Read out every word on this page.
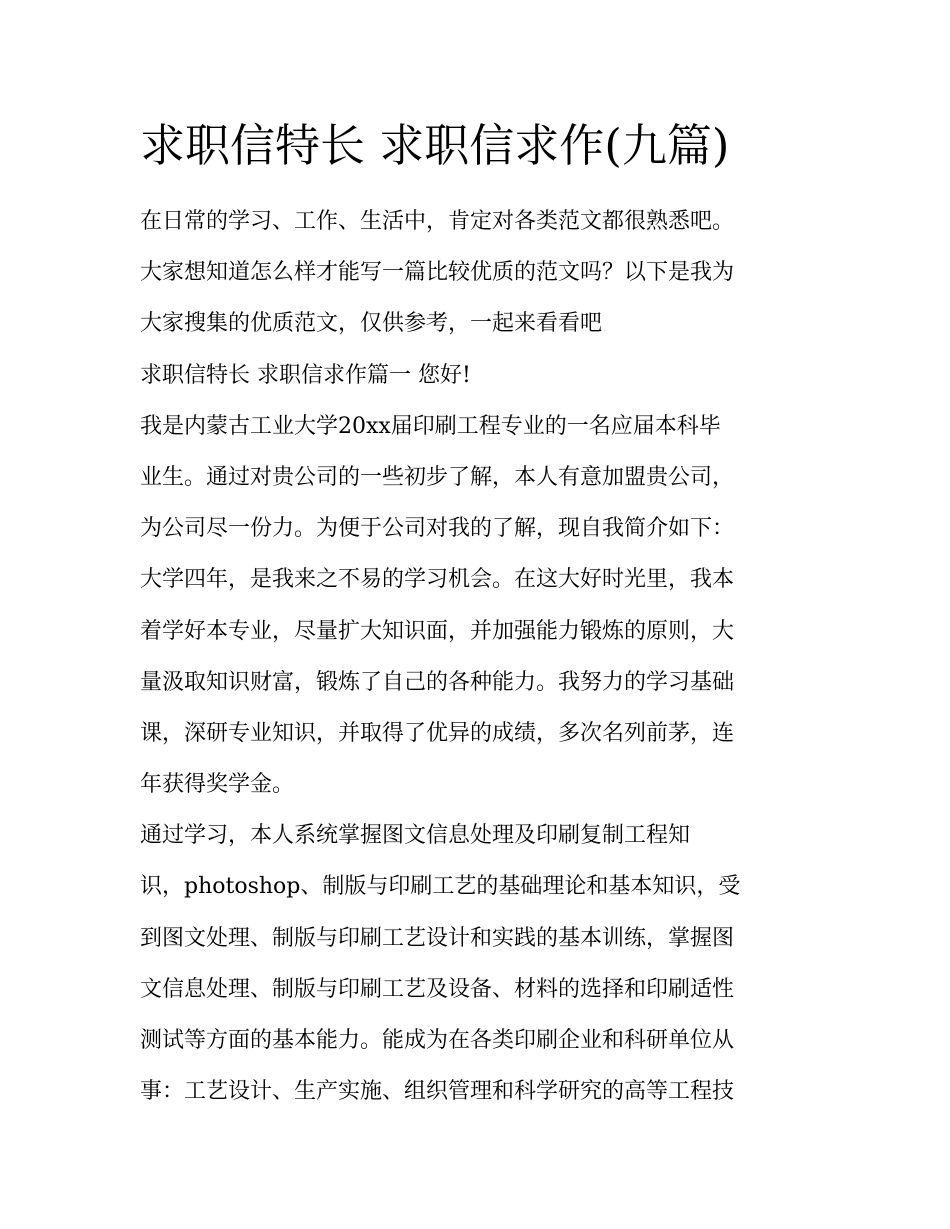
求职信特长 求职信求作(九篇)
在日常的学习、工作、生活中，肯定对各类范文都很熟悉吧。
大家想知道怎么样才能写一篇比较优质的范文吗？以下是我为
大家搜集的优质范文，仅供参考，一起来看看吧
求职信特长 求职信求作篇一 您好!
我是内蒙古工业大学20xx届印刷工程专业的一名应届本科毕
业生。通过对贵公司的一些初步了解，本人有意加盟贵公司，
为公司尽一份力。为便于公司对我的了解，现自我简介如下：
大学四年，是我来之不易的学习机会。在这大好时光里，我本
着学好本专业，尽量扩大知识面，并加强能力锻炼的原则，大
量汲取知识财富，锻炼了自己的各种能力。我努力的学习基础
课，深研专业知识，并取得了优异的成绩，多次名列前茅，连
年获得奖学金。
通过学习，本人系统掌握图文信息处理及印刷复制工程知
识，photoshop、制版与印刷工艺的基础理论和基本知识，受
到图文处理、制版与印刷工艺设计和实践的基本训练，掌握图
文信息处理、制版与印刷工艺及设备、材料的选择和印刷适性
测试等方面的基本能力。能成为在各类印刷企业和科研单位从
事：工艺设计、生产实施、组织管理和科学研究的高等工程技
